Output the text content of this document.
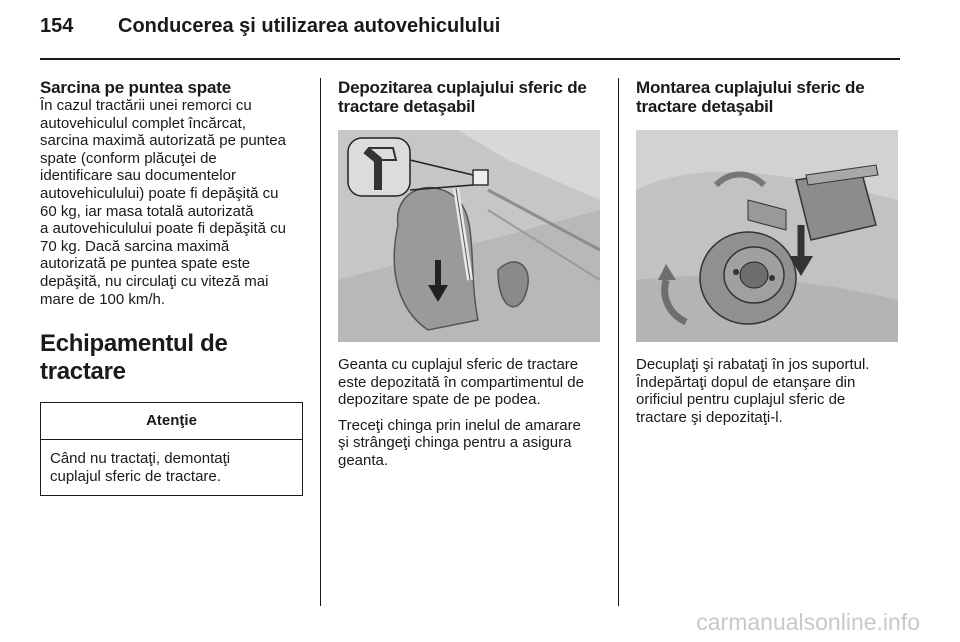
154 Conducerea şi utilizarea autovehiculului

Sarcina pe puntea spate

În cazul tractării unei remorci cu
autovehiculul complet încărcat,
sarcina maximă autorizată pe puntea
spate (conform plăcuţei de
identificare sau documentelor
autovehiculului) poate fi depăşită cu
60 kg, iar masa totală autorizată
a autovehiculului poate fi depăşită cu
70 kg. Dacă sarcina maximă
autorizată pe puntea spate este
depăşită, nu circulaţi cu viteză mai
mare de 100 km/h.

Echipamentul de tractare
Atenţie
Când nu tractaţi, demontaţi
cuplajul sferic de tractare.

Depozitarea cuplajului sferic de
tractare detaşabil

Geanta cu cuplajul sferic de tractare
este depozitată în compartimentul de
depozitare spate de pe podea.

Treceţi chinga prin inelul de amarare
şi strângeţi chinga pentru a asigura
geanta.

Montarea cuplajului sferic de
tractare detaşabil

Decuplaţi şi rabataţi în jos suportul.
Îndepărtaţi dopul de etanşare din
orificiul pentru cuplajul sferic de
tractare şi depozitaţi-l.

carmanualsonline.info
